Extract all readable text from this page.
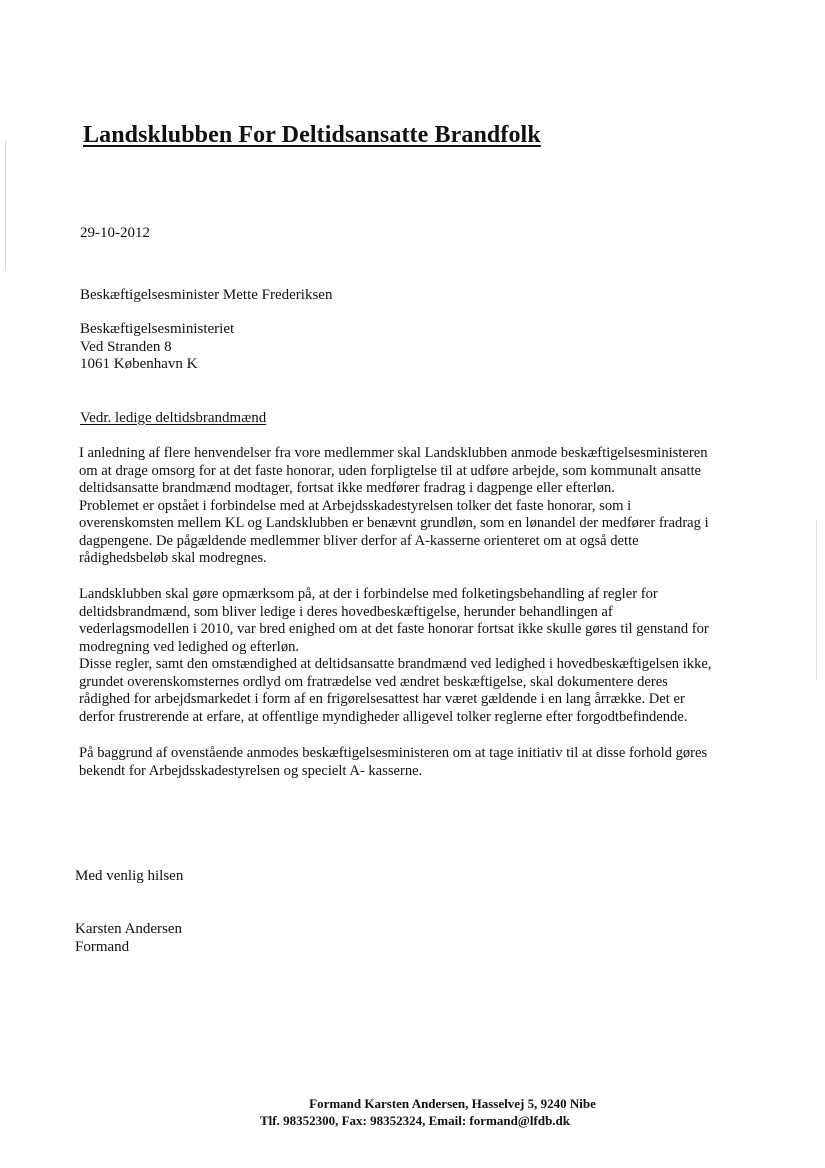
Landsklubben For Deltidsansatte Brandfolk
29-10-2012
Beskæftigelsesminister Mette Frederiksen
Beskæftigelsesministeriet
Ved Stranden 8
1061 København K
Vedr. ledige deltidsbrandmænd
I anledning af flere henvendelser fra vore medlemmer skal Landsklubben anmode beskæftigelsesministeren
om at drage omsorg for at det faste honorar, uden forpligtelse til at udføre arbejde, som kommunalt ansatte
deltidsansatte brandmænd modtager, fortsat ikke medfører fradrag i dagpenge eller efterløn.
Problemet er opstået i forbindelse med at Arbejdsskadestyrelsen tolker det faste honorar, som i
overenskomsten mellem KL og Landsklubben er benævnt grundløn, som en lønandel der medfører fradrag i
dagpengene. De pågældende medlemmer bliver derfor af A-kasserne orienteret om at også dette
rådighedsbeløb skal modregnes.
Landsklubben skal gøre opmærksom på, at der i forbindelse med folketingsbehandling af regler for
deltidsbrandmænd, som bliver ledige i deres hovedbeskæftigelse, herunder behandlingen af
vederlagsmodellen i 2010, var bred enighed om at det faste honorar fortsat ikke skulle gøres til genstand for
modregning ved ledighed og efterløn.
Disse regler, samt den omstændighed at deltidsansatte brandmænd ved ledighed i hovedbeskæftigelsen ikke,
grundet overenskomsternes ordlyd om fratrædelse ved ændret beskæftigelse, skal dokumentere deres
rådighed for arbejdsmarkedet i form af en frigørelsesattest har været gældende i en lang årrække. Det er
derfor frustrerende at erfare, at offentlige myndigheder alligevel tolker reglerne efter forgodtbefindende.
På baggrund af ovenstående anmodes beskæftigelsesministeren om at tage initiativ til at disse forhold gøres
bekendt for Arbejdsskadestyrelsen og specielt A- kasserne.
Med venlig hilsen
Karsten Andersen
Formand
Formand Karsten Andersen, Hasselvej 5, 9240 Nibe
Tlf. 98352300, Fax: 98352324, Email: formand@lfdb.dk
